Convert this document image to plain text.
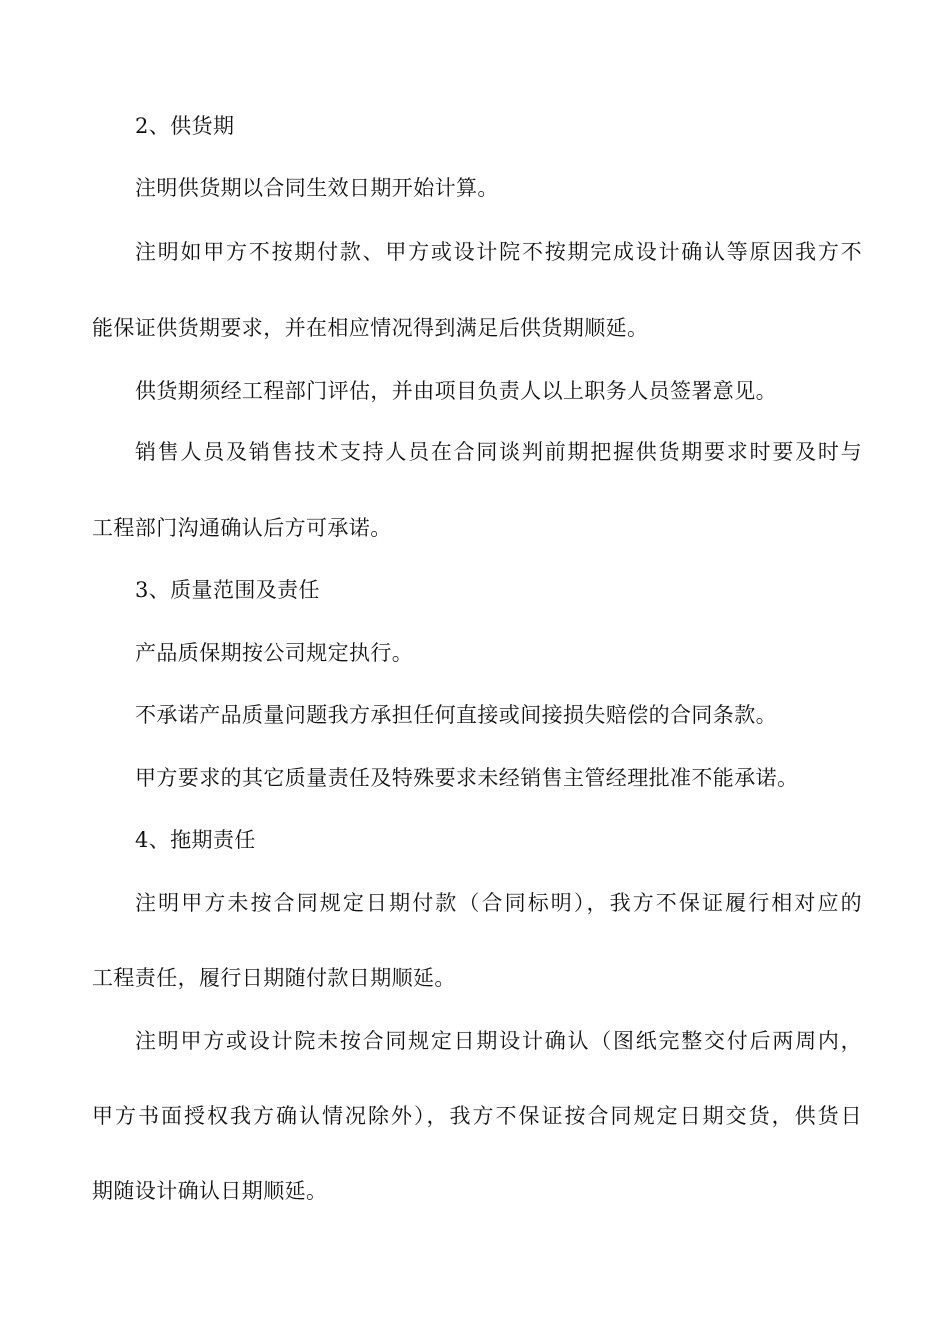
2、供货期
注明供货期以合同生效日期开始计算。
注明如甲方不按期付款、甲方或设计院不按期完成设计确认等原因我方不
能保证供货期要求，并在相应情况得到满足后供货期顺延。
供货期须经工程部门评估，并由项目负责人以上职务人员签署意见。
销售人员及销售技术支持人员在合同谈判前期把握供货期要求时要及时与
工程部门沟通确认后方可承诺。
3、质量范围及责任
产品质保期按公司规定执行。
不承诺产品质量问题我方承担任何直接或间接损失赔偿的合同条款。
甲方要求的其它质量责任及特殊要求未经销售主管经理批准不能承诺。
4、拖期责任
注明甲方未按合同规定日期付款（合同标明），我方不保证履行相对应的
工程责任，履行日期随付款日期顺延。
注明甲方或设计院未按合同规定日期设计确认（图纸完整交付后两周内，
甲方书面授权我方确认情况除外），我方不保证按合同规定日期交货，供货日
期随设计确认日期顺延。
